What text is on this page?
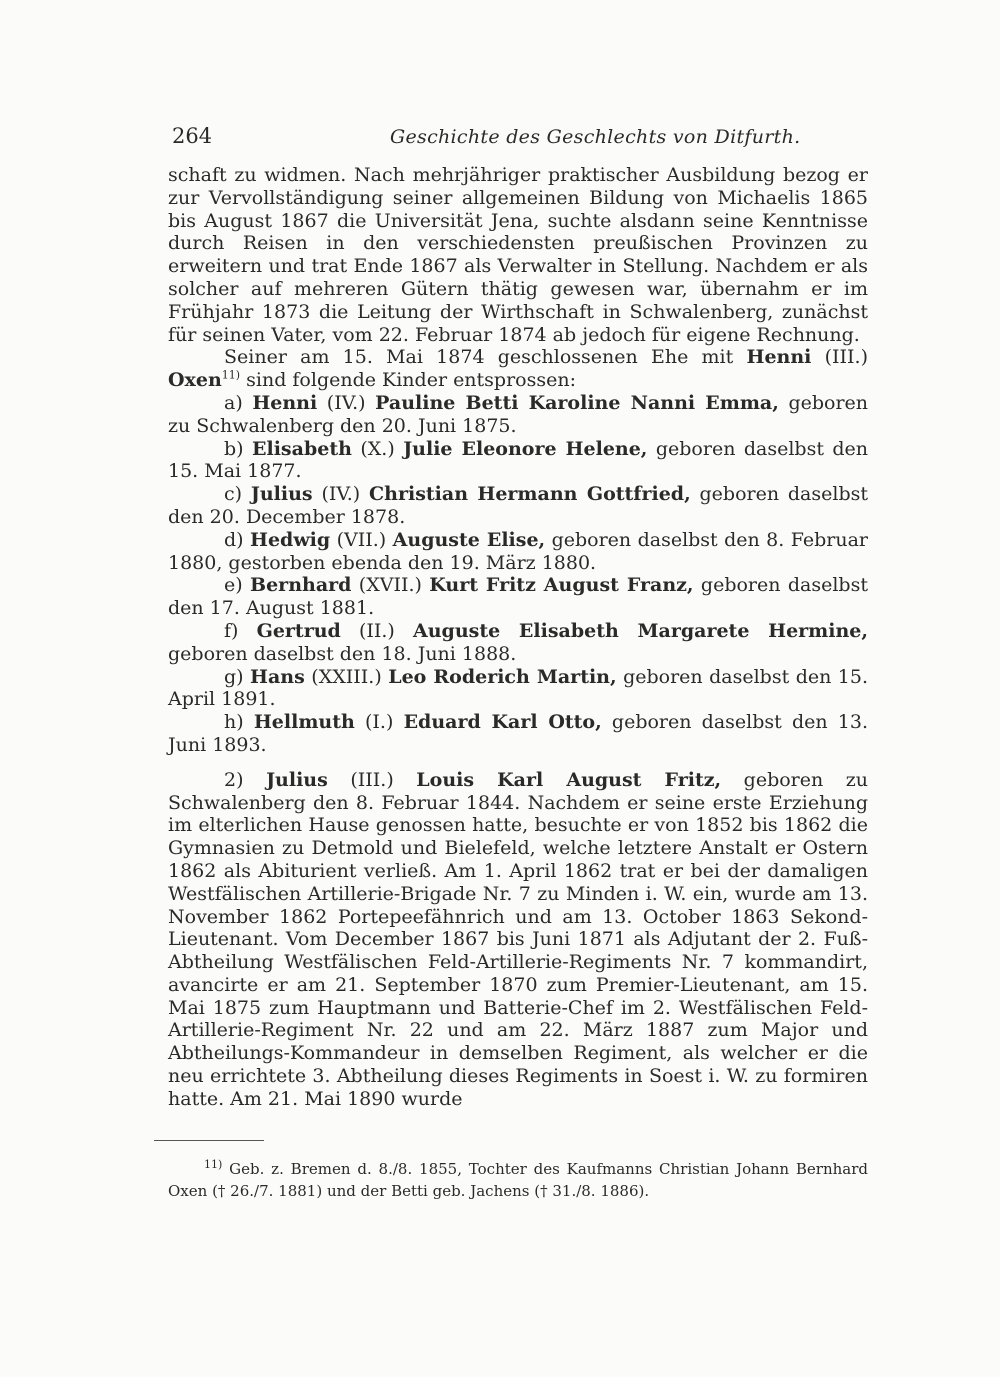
264	Geschichte des Geschlechts von Ditfurth.

schaft zu widmen. Nach mehrjähriger praktischer Ausbildung bezog er zur Vervollständigung seiner allgemeinen Bildung von Michaelis 1865 bis August 1867 die Universität Jena, suchte alsdann seine Kenntnisse durch Reisen in den verschiedensten preußischen Provinzen zu erweitern und trat Ende 1867 als Verwalter in Stellung. Nachdem er als solcher auf mehreren Gütern thätig gewesen war, übernahm er im Frühjahr 1873 die Leitung der Wirthschaft in Schwalenberg, zunächst für seinen Vater, vom 22. Februar 1874 ab jedoch für eigene Rechnung.

Seiner am 15. Mai 1874 geschlossenen Ehe mit Henni (III.) Oxen$^{11)}$ sind folgende Kinder entsprossen:

a) Henni (IV.) Pauline Betti Karoline Nanni Emma, geboren zu Schwalenberg den 20. Juni 1875.

b) Elisabeth (X.) Julie Eleonore Helene, geboren daselbst den 15. Mai 1877.

c) Julius (IV.) Christian Hermann Gottfried, geboren daselbst den 20. December 1878.

d) Hedwig (VII.) Auguste Elise, geboren daselbst den 8. Februar 1880, gestorben ebenda den 19. März 1880.

e) Bernhard (XVII.) Kurt Fritz August Franz, geboren daselbst den 17. August 1881.

f) Gertrud (II.) Auguste Elisabeth Margarete Hermine, geboren daselbst den 18. Juni 1888.

g) Hans (XXIII.) Leo Roderich Martin, geboren daselbst den 15. April 1891.

h) Hellmuth (I.) Eduard Karl Otto, geboren daselbst den 13. Juni 1893.

2) Julius (III.) Louis Karl August Fritz, geboren zu Schwalenberg den 8. Februar 1844. Nachdem er seine erste Erziehung im elterlichen Hause genossen hatte, besuchte er von 1852 bis 1862 die Gymnasien zu Detmold und Bielefeld, welche letztere Anstalt er Ostern 1862 als Abiturient verließ. Am 1. April 1862 trat er bei der damaligen Westfälischen Artillerie-Brigade Nr. 7 zu Minden i. W. ein, wurde am 13. November 1862 Portepeefähnrich und am 13. October 1863 Sekond-Lieutenant. Vom December 1867 bis Juni 1871 als Adjutant der 2. Fuß-Abtheilung Westfälischen Feld-Artillerie-Regiments Nr. 7 kommandirt, avancirte er am 21. September 1870 zum Premier-Lieutenant, am 15. Mai 1875 zum Hauptmann und Batterie-Chef im 2. Westfälischen Feld-Artillerie-Regiment Nr. 22 und am 22. März 1887 zum Major und Abtheilungs-Kommandeur in demselben Regiment, als welcher er die neu errichtete 3. Abtheilung dieses Regiments in Soest i. W. zu formiren hatte. Am 21. Mai 1890 wurde

$^{11)}$ Geb. z. Bremen d. 8./8. 1855, Tochter des Kaufmanns Christian Johann Bernhard Oxen († 26./7. 1881) und der Betti geb. Jachens († 31./8. 1886).
